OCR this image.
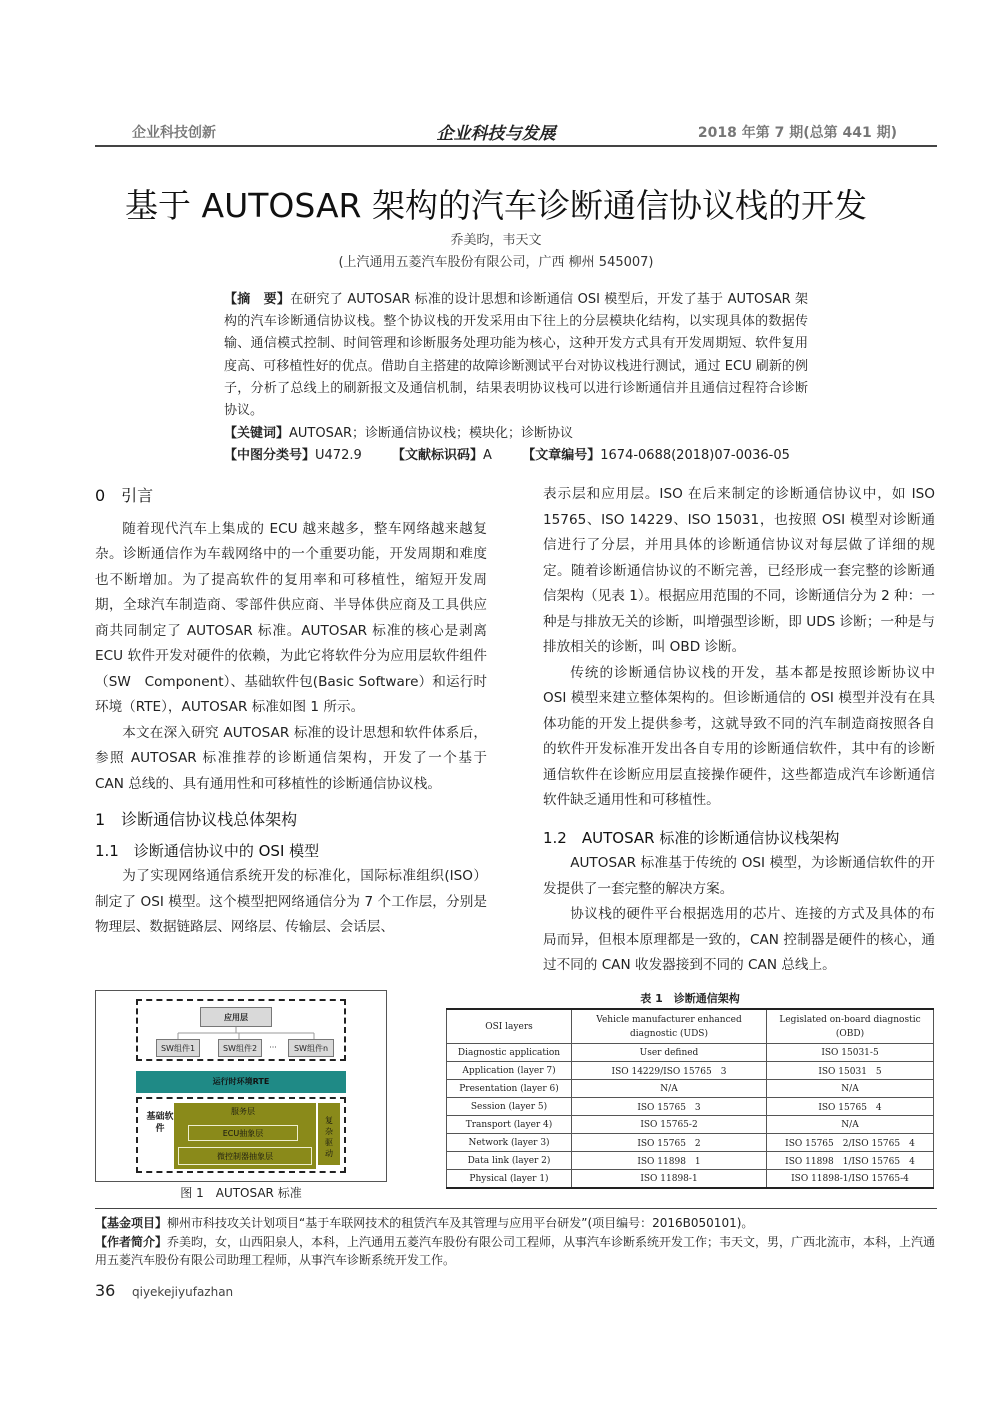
企业科技创新	企业科技与发展	2018 年第 7 期(总第 441 期)
基于 AUTOSAR 架构的汽车诊断通信协议栈的开发
乔美昀，韦天文
(上汽通用五菱汽车股份有限公司，广西 柳州 545007)
【摘　要】在研究了 AUTOSAR 标准的设计思想和诊断通信 OSI 模型后，开发了基于 AUTOSAR 架构的汽车诊断通信协议栈。整个协议栈的开发采用由下往上的分层模块化结构，以实现具体的数据传输、通信模式控制、时间管理和诊断服务处理功能为核心，这种开发方式具有开发周期短、软件复用度高、可移植性好的优点。借助自主搭建的故障诊断测试平台对协议栈进行测试，通过 ECU 刷新的例子，分析了总线上的刷新报文及通信机制，结果表明协议栈可以进行诊断通信并且通信过程符合诊断协议。
【关键词】AUTOSAR；诊断通信协议栈；模块化；诊断协议
【中图分类号】U472.9 【文献标识码】A 【文章编号】1674-0688(2018)07-0036-05
0　引言

随着现代汽车上集成的 ECU 越来越多，整车网络越来越复杂。诊断通信作为车载网络中的一个重要功能，开发周期和难度也不断增加。为了提高软件的复用率和可移植性，缩短开发周期，全球汽车制造商、零部件供应商、半导体供应商及工具供应商共同制定了 AUTOSAR 标准。AUTOSAR 标准的核心是剥离 ECU 软件开发对硬件的依赖，为此它将软件分为应用层软件组件（SW　Component）、基础软件包(Basic Software）和运行时环境（RTE），AUTOSAR 标准如图 1 所示。

本文在深入研究 AUTOSAR 标准的设计思想和软件体系后，参照 AUTOSAR 标准推荐的诊断通信架构，开发了一个基于 CAN 总线的、具有通用性和可移植性的诊断通信协议栈。

1　诊断通信协议栈总体架构
1.1　诊断通信协议中的 OSI 模型

为了实现网络通信系统开发的标准化，国际标准组织(ISO）制定了 OSI 模型。这个模型把网络通信分为 7 个工作层，分别是物理层、数据链路层、网络层、传输层、会话层、

表示层和应用层。ISO 在后来制定的诊断通信协议中，如 ISO 15765、ISO 14229、ISO 15031，也按照 OSI 模型对诊断通信进行了分层，并用具体的诊断通信协议对每层做了详细的规定。随着诊断通信协议的不断完善，已经形成一套完整的诊断通信架构（见表 1）。根据应用范围的不同，诊断通信分为 2 种：一种是与排放无关的诊断，叫增强型诊断，即 UDS 诊断；一种是与排放相关的诊断，叫 OBD 诊断。

传统的诊断通信协议栈的开发，基本都是按照诊断协议中 OSI 模型来建立整体架构的。但诊断通信的 OSI 模型并没有在具体功能的开发上提供参考，这就导致不同的汽车制造商按照各自的软件开发标准开发出各自专用的诊断通信软件，其中有的诊断通信软件在诊断应用层直接操作硬件，这些都造成汽车诊断通信软件缺乏通用性和可移植性。

1.2　AUTOSAR 标准的诊断通信协议栈架构

AUTOSAR 标准基于传统的 OSI 模型，为诊断通信软件的开发提供了一套完整的解决方案。

协议栈的硬件平台根据选用的芯片、连接的方式及具体的布局而异，但根本原理都是一致的，CAN 控制器是硬件的核心，通过不同的 CAN 收发器接到不同的 CAN 总线上。

应用层
SW组件1	SW组件2	···	SW组件n
运行时环境RTE
基础软件
服务层
ECU抽象层
微控制器抽象层
复杂驱动
图 1　AUTOSAR 标准
表 1　诊断通信架构
OSI layers	Vehicle manufacturer enhanced diagnostic (UDS)	Legislated on-board diagnostic (OBD)
Diagnostic application	User defined	ISO 15031-5
Application (layer 7)	ISO 14229/ISO 15765　3	ISO 15031　5
Presentation (layer 6)	N/A	N/A
Session (layer 5)	ISO 15765　3	ISO 15765　4
Transport (layer 4)	ISO 15765-2	N/A
Network (layer 3)	ISO 15765　2	ISO 15765　2/ISO 15765　4
Data link (layer 2)	ISO 11898　1	ISO 11898　1/ISO 15765　4
Physical (layer 1)	ISO 11898-1	ISO 11898-1/ISO 15765-4
【基金项目】柳州市科技攻关计划项目“基于车联网技术的租赁汽车及其管理与应用平台研发”(项目编号：2016B050101)。
【作者简介】乔美昀，女，山西阳泉人，本科，上汽通用五菱汽车股份有限公司工程师，从事汽车诊断系统开发工作；韦天文，男，广西北流市，本科，上汽通用五菱汽车股份有限公司助理工程师，从事汽车诊断系统开发工作。
36 qiyekejiyufazhan
